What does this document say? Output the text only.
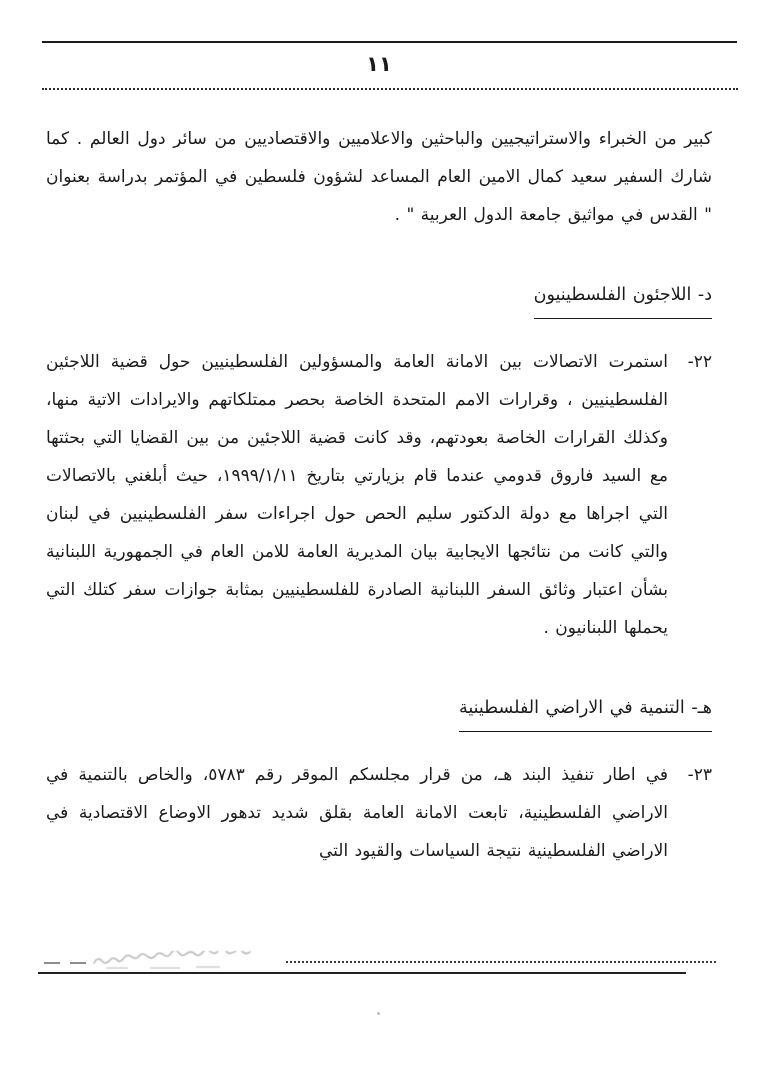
١١

كبير من الخبراء والاستراتيجيين والباحثين والاعلاميين والاقتصاديين من سائر دول العالم . كما شارك السفير سعيد كمال الامين العام المساعد لشؤون فلسطين في المؤتمر بدراسة بعنوان " القدس في مواثيق جامعة الدول العربية " .

د- اللاجئون الفلسطينيون
٢٢-
استمرت الاتصالات بين الامانة العامة والمسؤولين الفلسطينيين حول قضية اللاجئين الفلسطينيين ، وقرارات الامم المتحدة الخاصة بحصر ممتلكاتهم والايرادات الاتية منها، وكذلك القرارات الخاصة بعودتهم، وقد كانت قضية اللاجئين من بين القضايا التي بحثتها مع السيد فاروق قدومي عندما قام بزيارتي بتاريخ ١٩٩٩/١/١١، حيث أبلغني بالاتصالات التي اجراها مع دولة الدكتور سليم الحص حول اجراءات سفر الفلسطينيين في لبنان والتي كانت من نتائجها الايجابية بيان المديرية العامة للامن العام في الجمهورية اللبنانية بشأن اعتبار وثائق السفر اللبنانية الصادرة للفلسطينيين بمثابة جوازات سفر كتلك التي يحملها اللبنانيون .
هـ- التنمية في الاراضي الفلسطينية
٢٣-
في اطار تنفيذ البند هـ، من قرار مجلسكم الموقر رقم ٥٧٨٣، والخاص بالتنمية في الاراضي الفلسطينية، تابعت الامانة العامة بقلق شديد تدهور الاوضاع الاقتصادية في الاراضي الفلسطينية نتيجة السياسات والقيود التي
